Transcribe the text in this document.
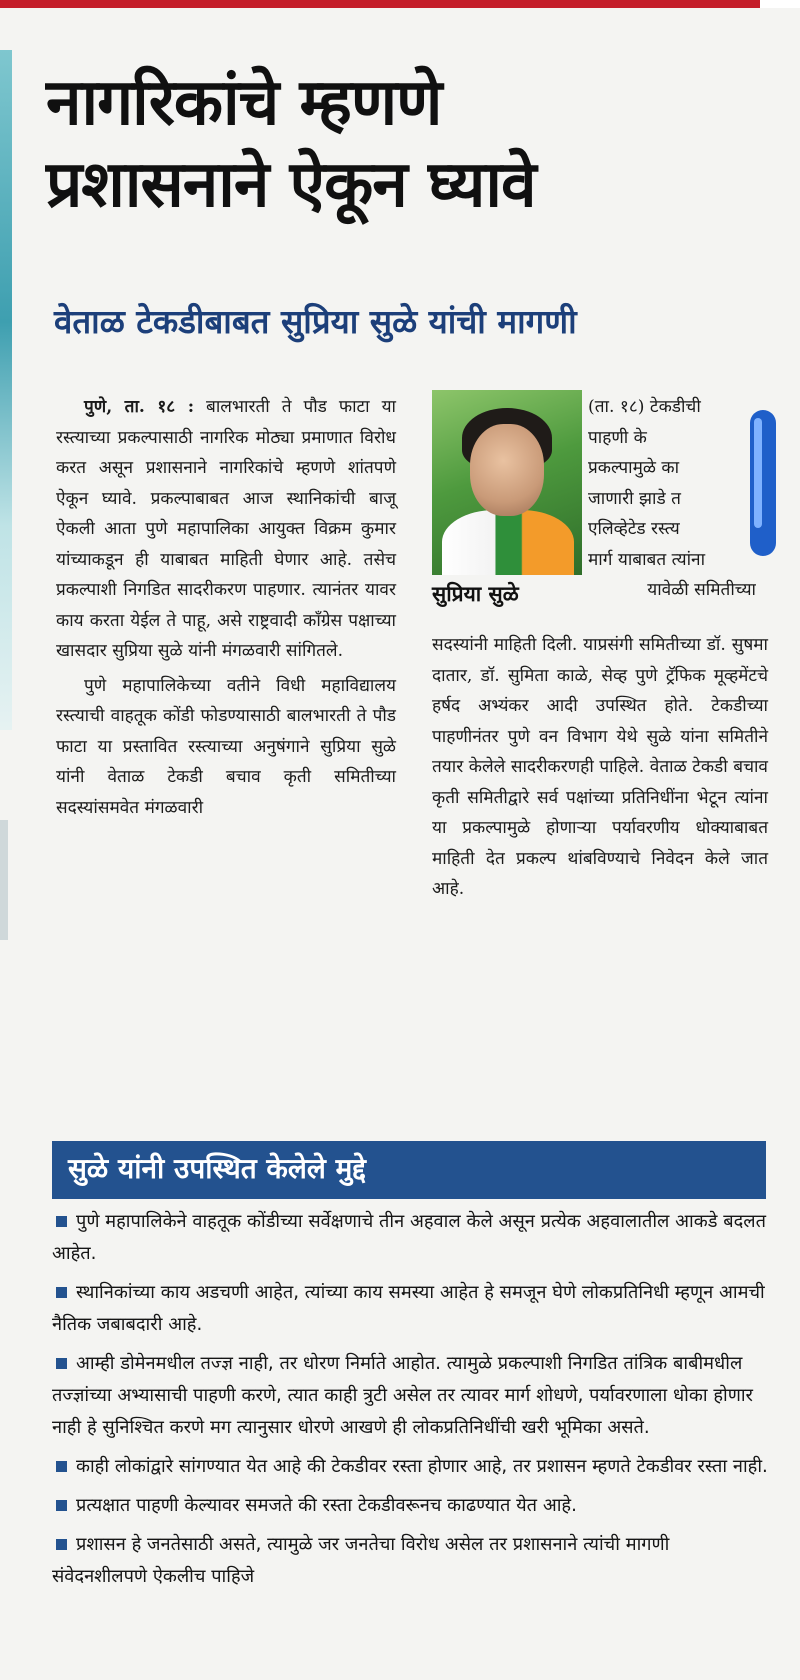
नागरिकांचे म्हणणे
प्रशासनाने ऐकून घ्यावे
वेताळ टेकडीबाबत सुप्रिया सुळे यांची मागणी

पुणे, ता. १८ : बालभारती ते पौड फाटा या रस्त्याच्या प्रकल्पासाठी नागरिक मोठ्या प्रमाणात विरोध करत असून प्रशासनाने नागरिकांचे म्हणणे शांतपणे ऐकून घ्यावे. प्रकल्पाबाबत आज स्थानिकांची बाजू ऐकली आता पुणे महापालिका आयुक्त विक्रम कुमार यांच्याकडून ही याबाबत माहिती घेणार आहे. तसेच प्रकल्पाशी निगडित सादरीकरण पाहणार. त्यानंतर यावर काय करता येईल ते पाहू, असे राष्ट्रवादी काँग्रेस पक्षाच्या खासदार सुप्रिया सुळे यांनी मंगळवारी सांगितले.

पुणे महापालिकेच्या वतीने विधी महाविद्यालय रस्त्याची वाहतूक कोंडी फोडण्यासाठी बालभारती ते पौड फाटा या प्रस्तावित रस्त्याच्या अनुषंगाने सुप्रिया सुळे यांनी वेताळ टेकडी बचाव कृती समितीच्या सदस्यांसमवेत मंगळवारी

सुप्रिया सुळे
(ता. १८) टेकडीची
पाहणी के
प्रकल्पामुळे का
जाणारी झाडे त
एलिव्हेटेड रस्त्य
मार्ग याबाबत त्यांना
यावेळी समितीच्या

सदस्यांनी माहिती दिली. याप्रसंगी समितीच्या डॉ. सुषमा दातार, डॉ. सुमिता काळे, सेव्ह पुणे ट्रॅफिक मूव्हमेंटचे हर्षद अभ्यंकर आदी उपस्थित होते. टेकडीच्या पाहणीनंतर पुणे वन विभाग येथे सुळे यांना समितीने तयार केलेले सादरीकरणही पाहिले. वेताळ टेकडी बचाव कृती समितीद्वारे सर्व पक्षांच्या प्रतिनिधींना भेटून त्यांना या प्रकल्पामुळे होणाऱ्या पर्यावरणीय धोक्याबाबत माहिती देत प्रकल्प थांबविण्याचे निवेदन केले जात आहे.

सुळे यांनी उपस्थित केलेले मुद्दे
पुणे महापालिकेने वाहतूक कोंडीच्या सर्वेक्षणाचे तीन अहवाल केले असून प्रत्येक अहवालातील आकडे बदलत आहेत.
स्थानिकांच्या काय अडचणी आहेत, त्यांच्या काय समस्या आहेत हे समजून घेणे लोकप्रतिनिधी म्हणून आमची नैतिक जबाबदारी आहे.
आम्ही डोमेनमधील तज्ज्ञ नाही, तर धोरण निर्माते आहोत. त्यामुळे प्रकल्पाशी निगडित तांत्रिक बाबीमधील तज्ज्ञांच्या अभ्यासाची पाहणी करणे, त्यात काही त्रुटी असेल तर त्यावर मार्ग शोधणे, पर्यावरणाला धोका होणार नाही हे सुनिश्चित करणे मग त्यानुसार धोरणे आखणे ही लोकप्रतिनिधींची खरी भूमिका असते.
काही लोकांद्वारे सांगण्यात येत आहे की टेकडीवर रस्ता होणार आहे, तर प्रशासन म्हणते टेकडीवर रस्ता नाही.
प्रत्यक्षात पाहणी केल्यावर समजते की रस्ता टेकडीवरूनच काढण्यात येत आहे.
प्रशासन हे जनतेसाठी असते, त्यामुळे जर जनतेचा विरोध असेल तर प्रशासनाने त्यांची मागणी संवेदनशीलपणे ऐकलीच पाहिजे
